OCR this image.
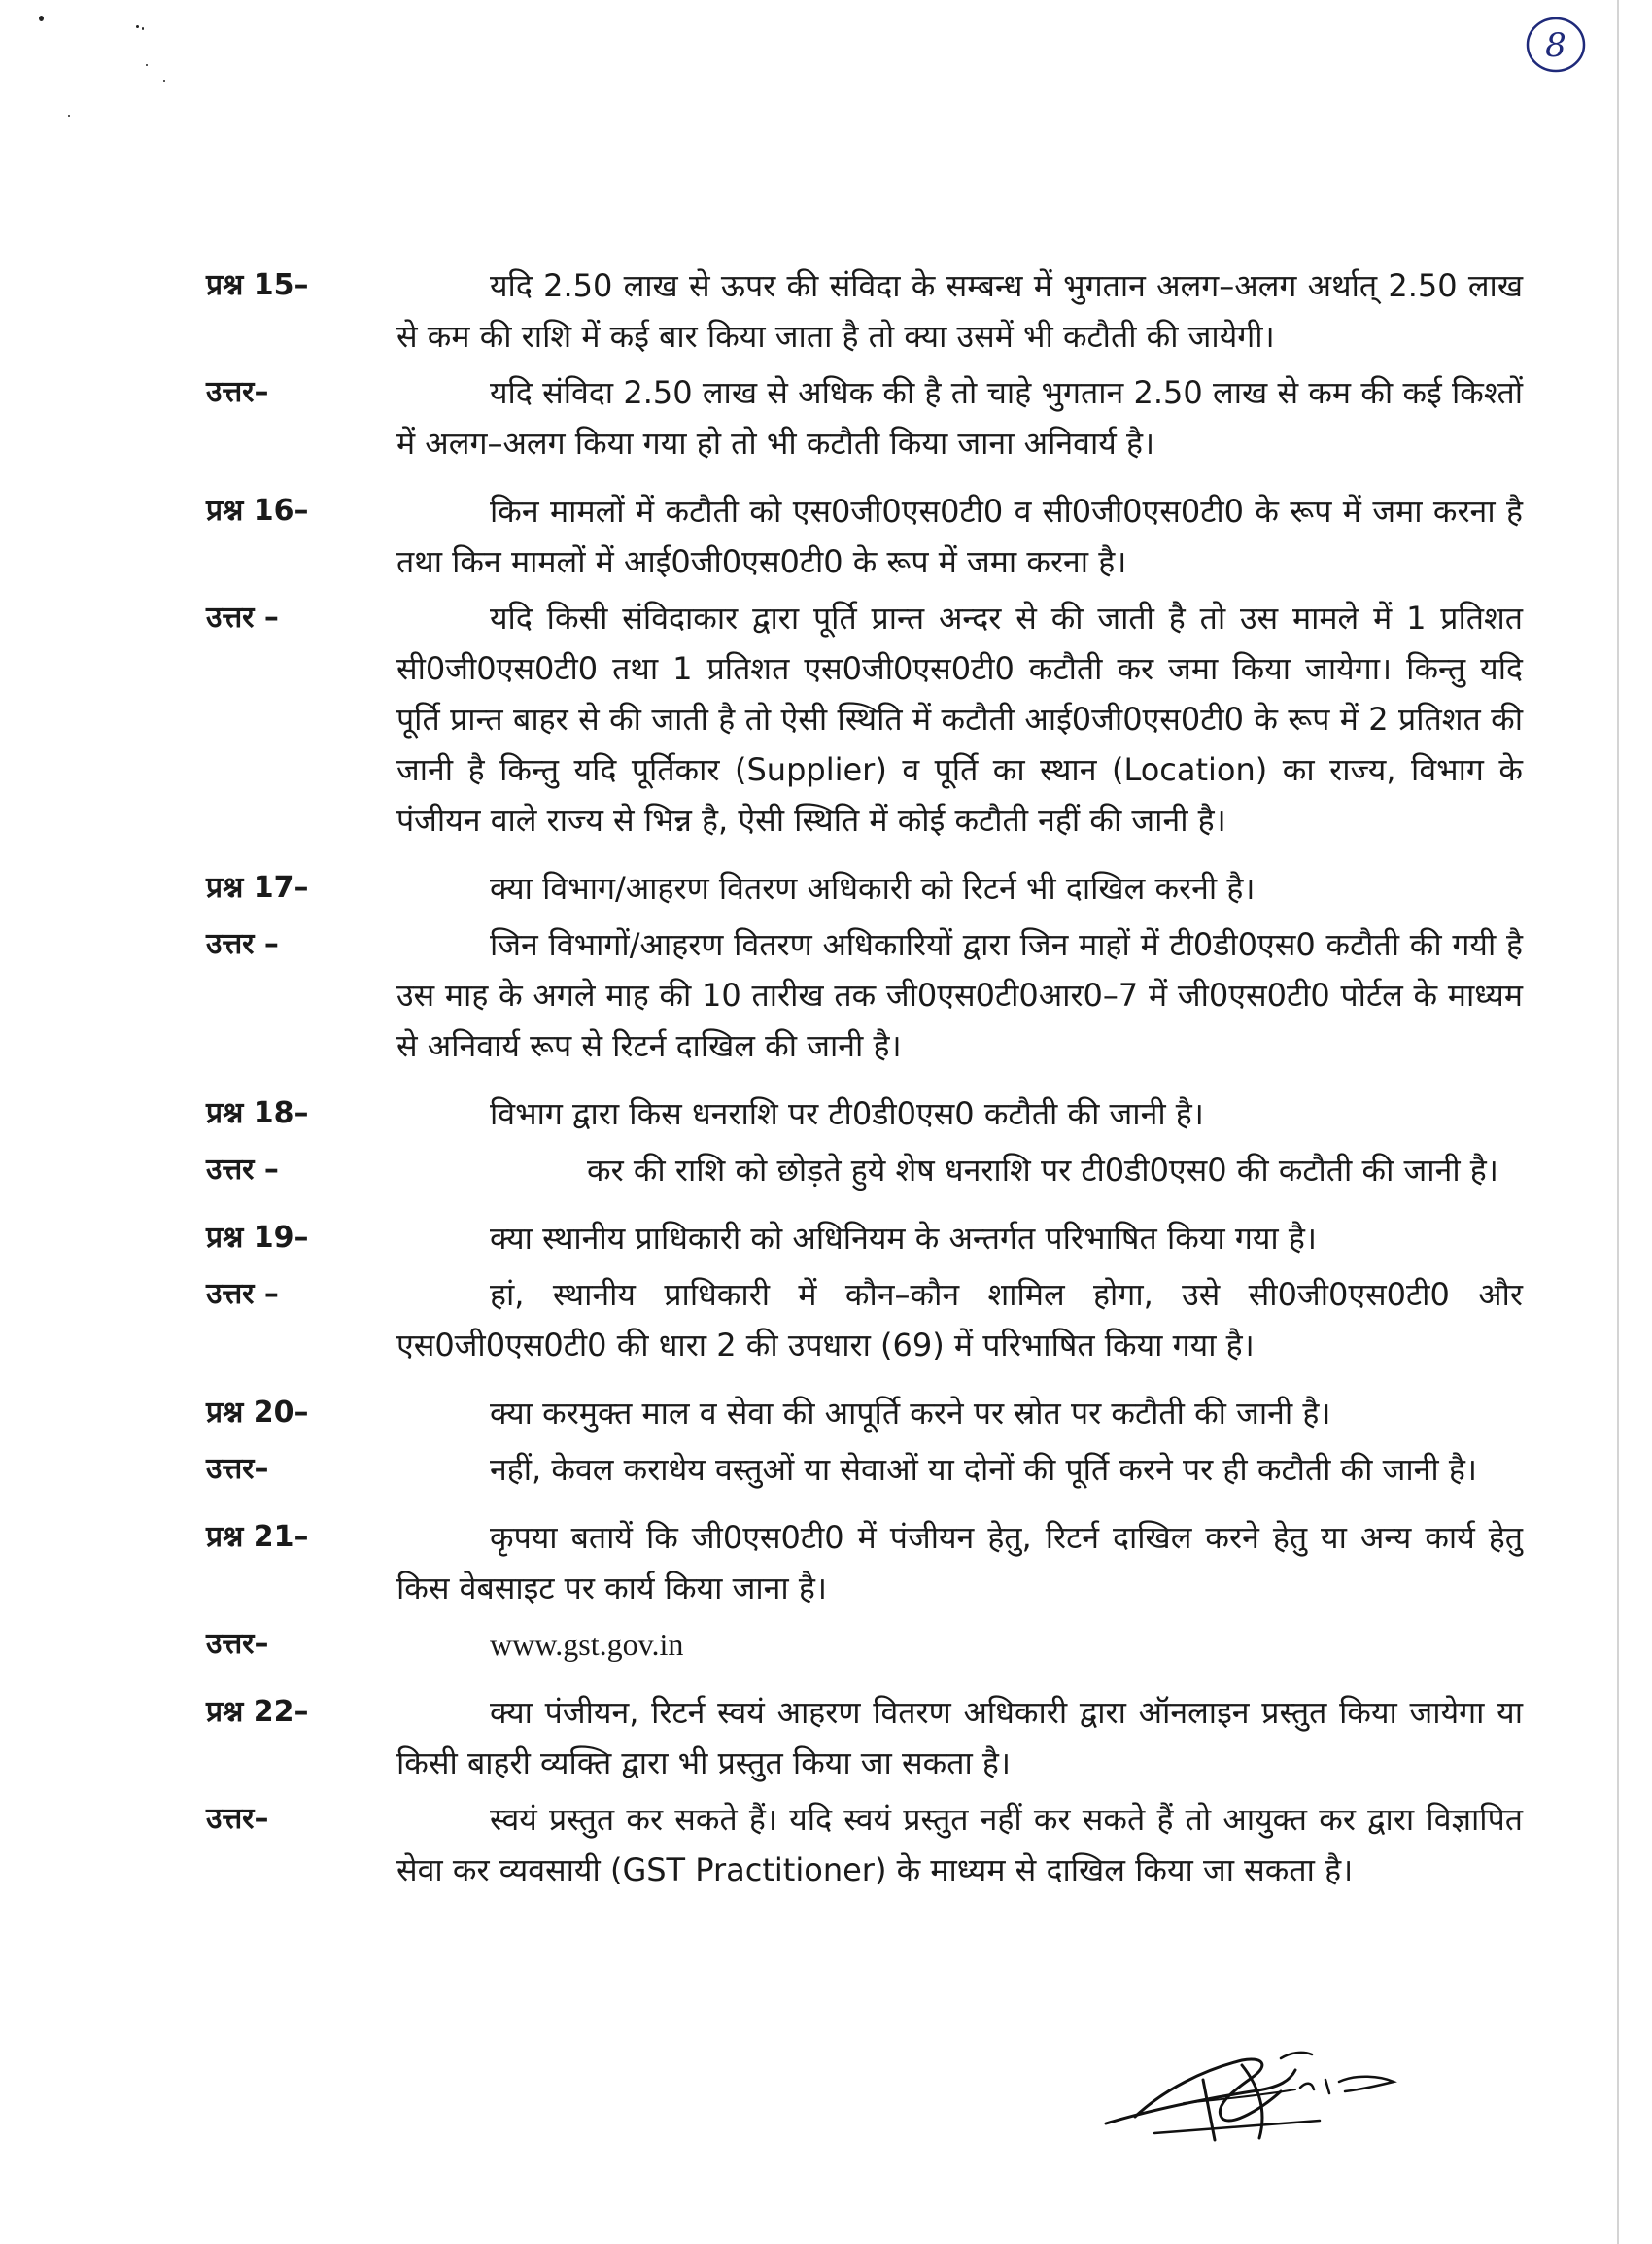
8
प्रश्न 15–	यदि 2.50 लाख से ऊपर की संविदा के सम्बन्ध में भुगतान अलग–अलग अर्थात् 2.50 लाख से कम की राशि में कई बार किया जाता है तो क्या उसमें भी कटौती की जायेगी।

उत्तर–	यदि संविदा 2.50 लाख से अधिक की है तो चाहे भुगतान 2.50 लाख से कम की कई किश्तों में अलग–अलग किया गया हो तो भी कटौती किया जाना अनिवार्य है।

प्रश्न 16–	किन मामलों में कटौती को एस0जी0एस0टी0 व सी0जी0एस0टी0 के रूप में जमा करना है तथा किन मामलों में आई0जी0एस0टी0 के रूप में जमा करना है।

उत्तर –	यदि किसी संविदाकार द्वारा पूर्ति प्रान्त अन्दर से की जाती है तो उस मामले में 1 प्रतिशत सी0जी0एस0टी0 तथा 1 प्रतिशत एस0जी0एस0टी0 कटौती कर जमा किया जायेगा। किन्तु यदि पूर्ति प्रान्त बाहर से की जाती है तो ऐसी स्थिति में कटौती आई0जी0एस0टी0 के रूप में 2 प्रतिशत की जानी है किन्तु यदि पूर्तिकार (Supplier) व पूर्ति का स्थान (Location) का राज्य, विभाग के पंजीयन वाले राज्य से भिन्न है, ऐसी स्थिति में कोई कटौती नहीं की जानी है।

प्रश्न 17–	क्या विभाग/आहरण वितरण अधिकारी को रिटर्न भी दाखिल करनी है।

उत्तर –	जिन विभागों/आहरण वितरण अधिकारियों द्वारा जिन माहों में टी0डी0एस0 कटौती की गयी है उस माह के अगले माह की 10 तारीख तक जी0एस0टी0आर0–7 में जी0एस0टी0 पोर्टल के माध्यम से अनिवार्य रूप से रिटर्न दाखिल की जानी है।

प्रश्न 18–	विभाग द्वारा किस धनराशि पर टी0डी0एस0 कटौती की जानी है।

उत्तर –	कर की राशि को छोड़ते हुये शेष धनराशि पर टी0डी0एस0 की कटौती की जानी है।

प्रश्न 19–	क्या स्थानीय प्राधिकारी को अधिनियम के अन्तर्गत परिभाषित किया गया है।

उत्तर –	हां, स्थानीय प्राधिकारी में कौन–कौन शामिल होगा, उसे सी0जी0एस0टी0 और एस0जी0एस0टी0 की धारा 2 की उपधारा (69) में परिभाषित किया गया है।

प्रश्न 20–	क्या करमुक्त माल व सेवा की आपूर्ति करने पर स्रोत पर कटौती की जानी है।

उत्तर–	नहीं, केवल कराधेय वस्तुओं या सेवाओं या दोनों की पूर्ति करने पर ही कटौती की जानी है।

प्रश्न 21–	कृपया बतायें कि जी0एस0टी0 में पंजीयन हेतु, रिटर्न दाखिल करने हेतु या अन्य कार्य हेतु किस वेबसाइट पर कार्य किया जाना है।

उत्तर–	www.gst.gov.in

प्रश्न 22–	क्या पंजीयन, रिटर्न स्वयं आहरण वितरण अधिकारी द्वारा ऑनलाइन प्रस्तुत किया जायेगा या किसी बाहरी व्यक्ति द्वारा भी प्रस्तुत किया जा सकता है।

उत्तर–	स्वयं प्रस्तुत कर सकते हैं। यदि स्वयं प्रस्तुत नहीं कर सकते हैं तो आयुक्त कर द्वारा विज्ञापित सेवा कर व्यवसायी (GST Practitioner) के माध्यम से दाखिल किया जा सकता है।
